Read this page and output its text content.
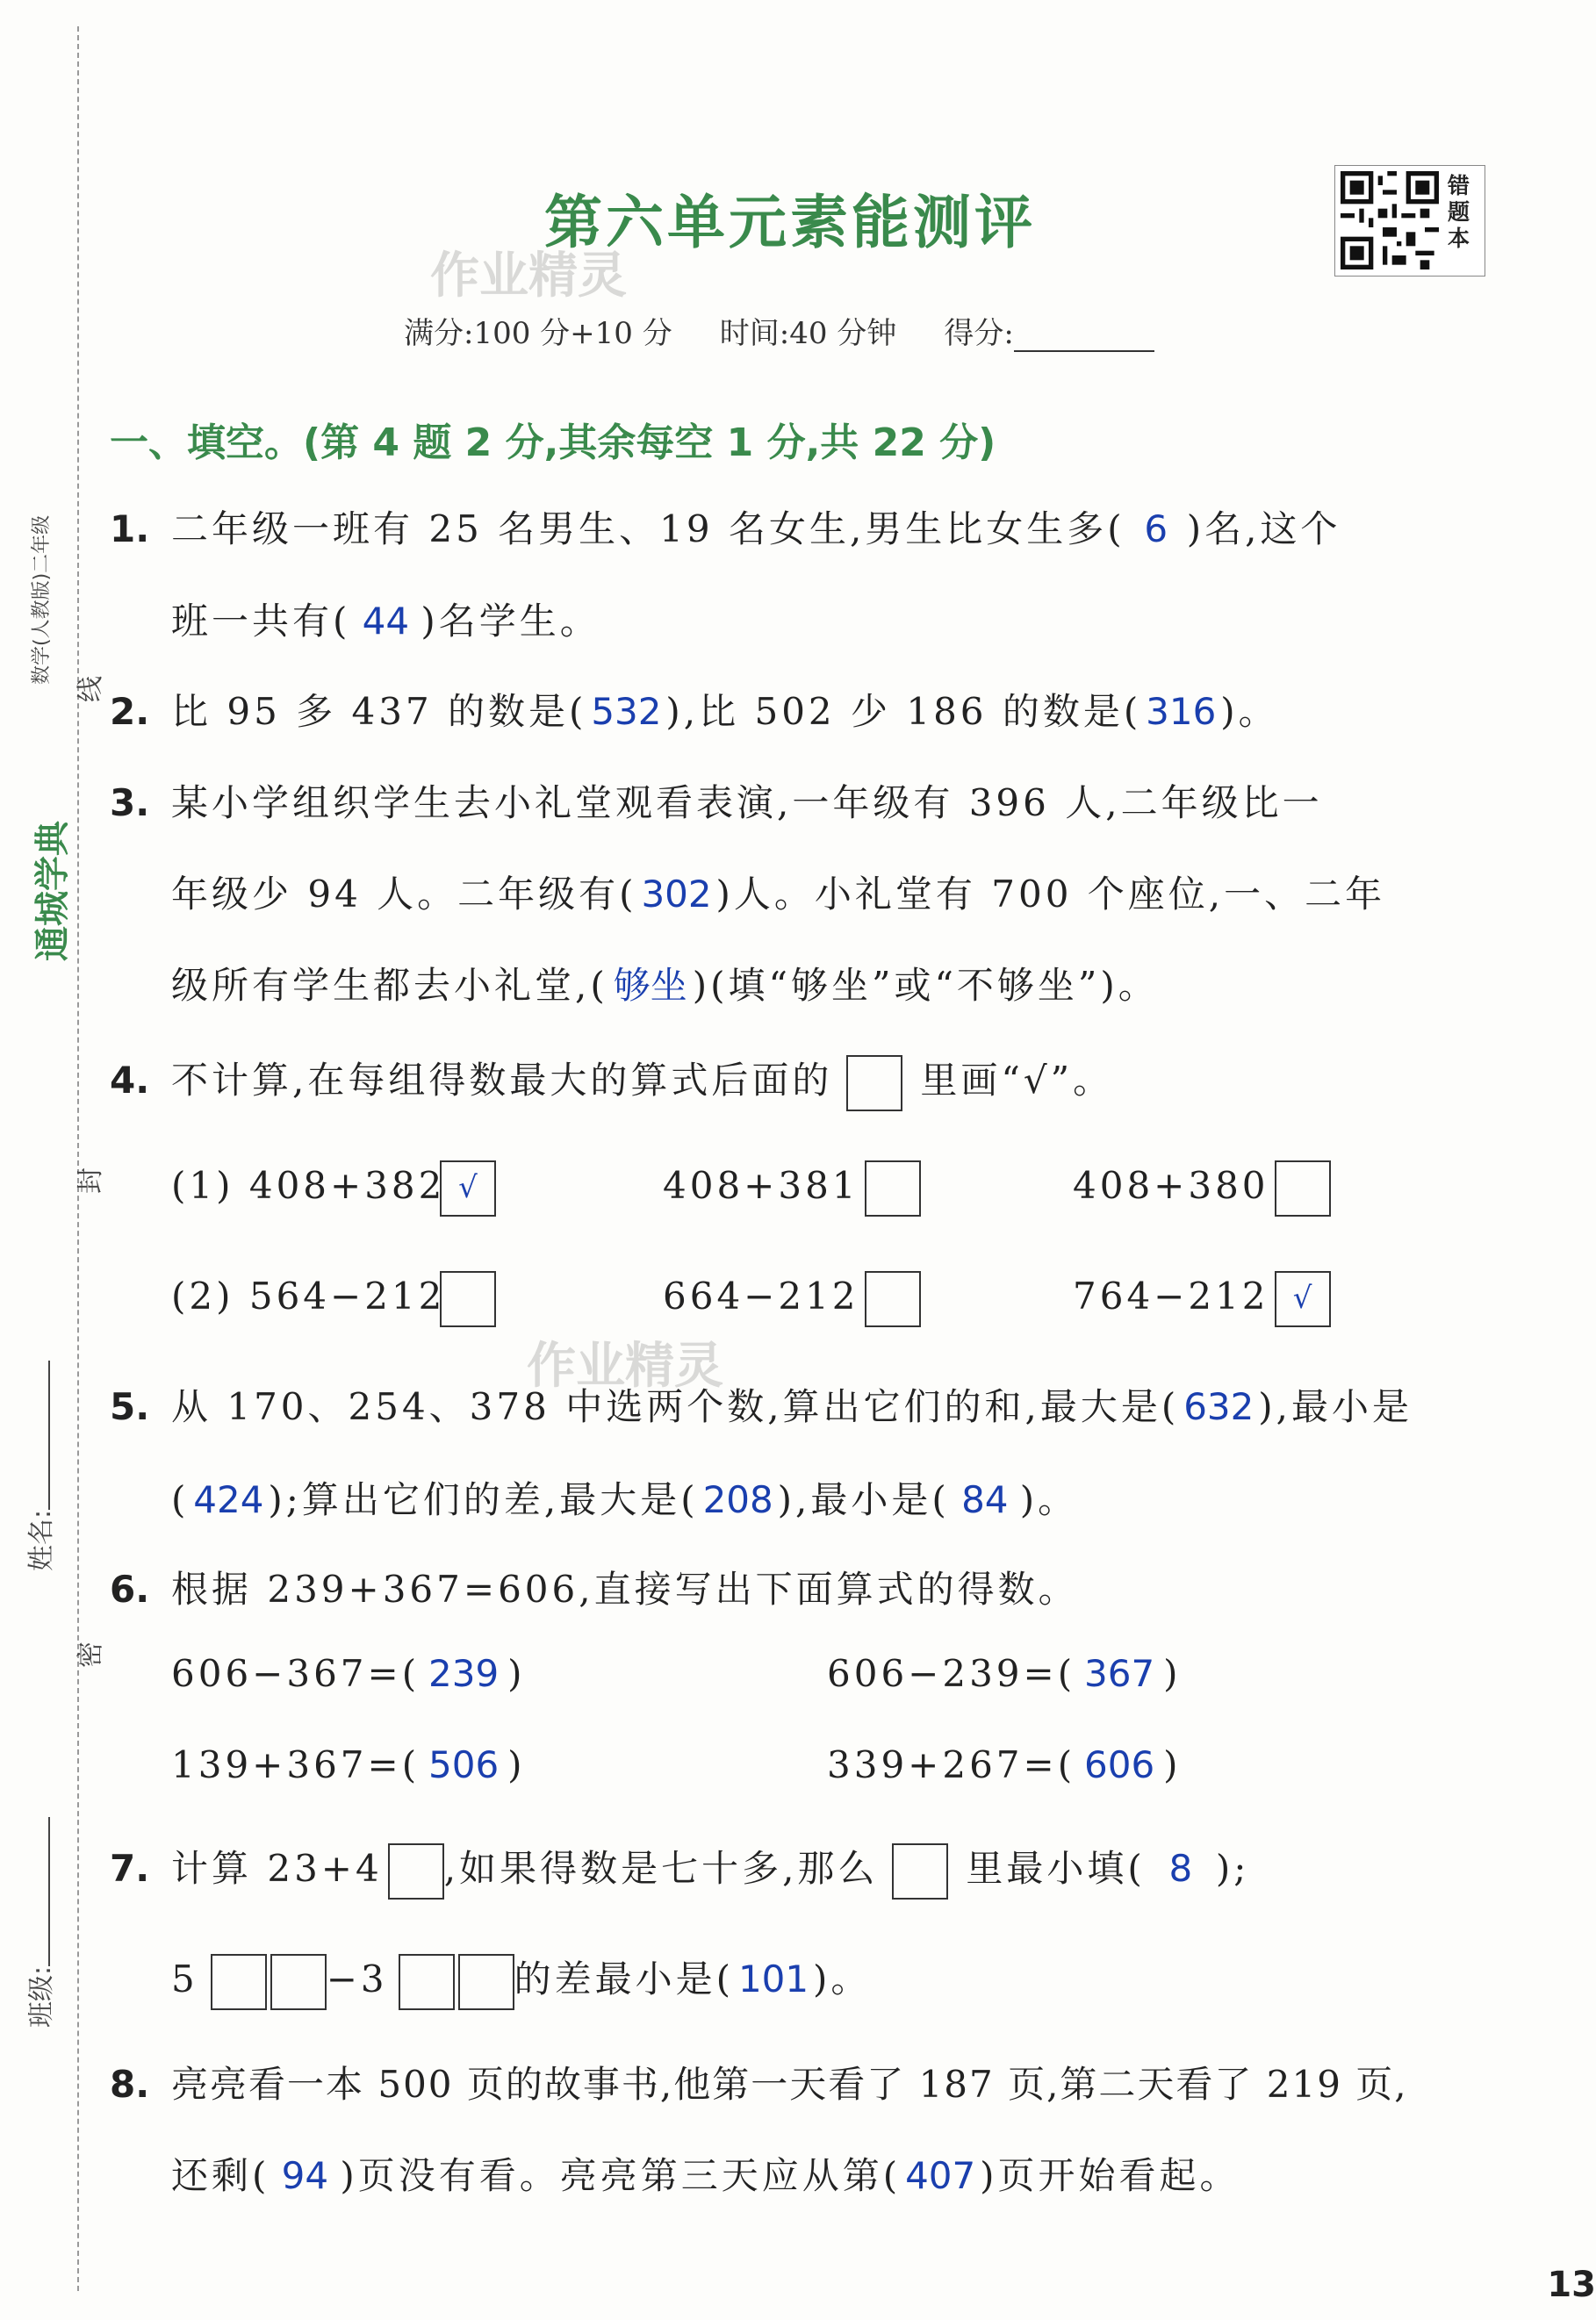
通城学典
数学(人教版)二年级
线
封
密
姓名:
班级:
第六单元素能测评
作业精灵
错题本
满分:100 分+10 分 时间:40 分钟 得分:
一、填空。(第 4 题 2 分,其余每空 1 分,共 22 分)
1. 二年级一班有 25 名男生、19 名女生,男生比女生多( 6 )名,这个
班一共有( 44 )名学生。
2. 比 95 多 437 的数是( 532 ),比 502 少 186 的数是( 316 )。
3. 某小学组织学生去小礼堂观看表演,一年级有 396 人,二年级比一
年级少 94 人。二年级有( 302 )人。小礼堂有 700 个座位,一、二年
级所有学生都去小礼堂,( 够坐 )(填“够坐”或“不够坐”)。
4. 不计算,在每组得数最大的算式后面的 里画“√”。
(1) 408+382 √	408+381	408+380
(2) 564−212	664−212	764−212 √
作业精灵
5. 从 170、254、378 中选两个数,算出它们的和,最大是( 632 ),最小是
( 424 );算出它们的差,最大是( 208 ),最小是( 84 )。
6. 根据 239+367=606,直接写出下面算式的得数。
606−367=( 239 )	606−239=( 367 )
139+367=( 506 )	339+267=( 606 )
7. 计算 23+4 ,如果得数是七十多,那么 里最小填( 8 );
5	−3	的差最小是( 101 )。
8. 亮亮看一本 500 页的故事书,他第一天看了 187 页,第二天看了 219 页,
还剩( 94 )页没有看。亮亮第三天应从第( 407 )页开始看起。
13
